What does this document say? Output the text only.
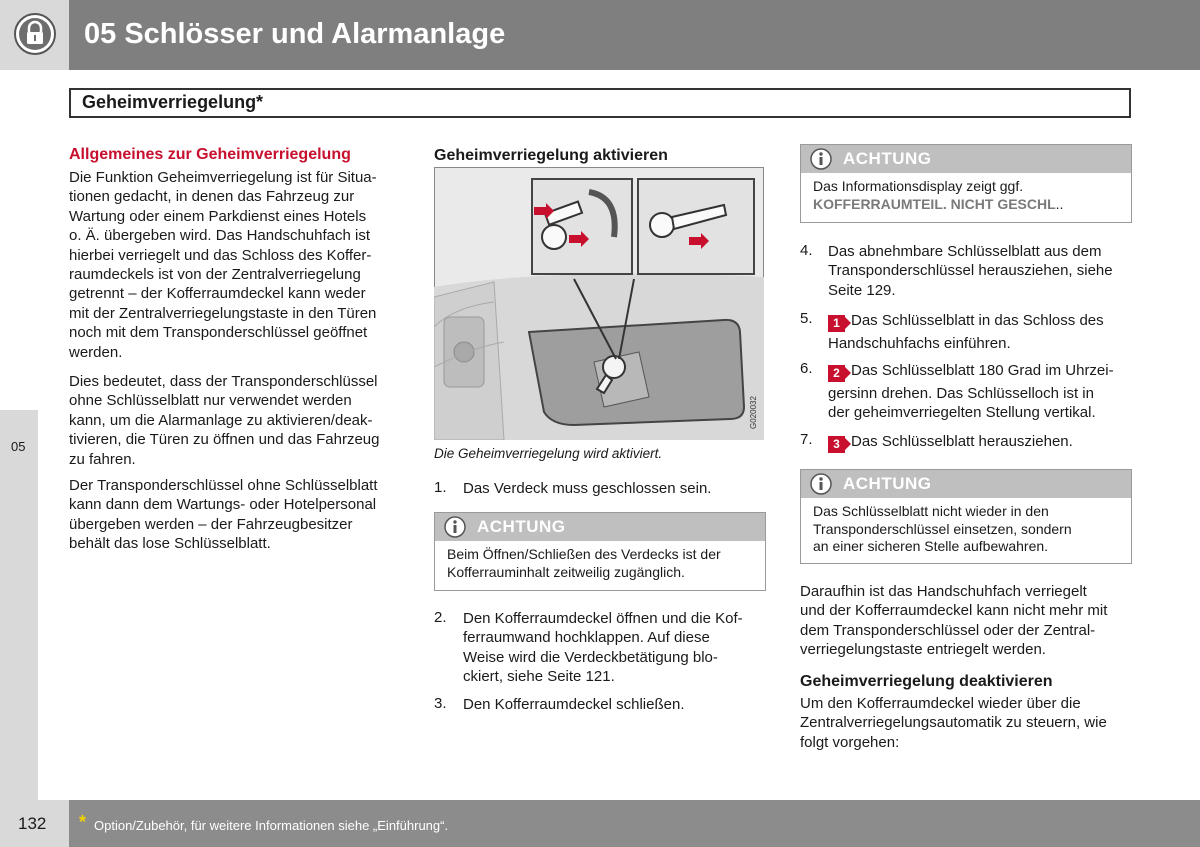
05 Schlösser und Alarmanlage
Geheimverriegelung*
05
Allgemeines zur Geheimverriegelung

Die Funktion Geheimverriegelung ist für Situa-

tionen gedacht, in denen das Fahrzeug zur

Wartung oder einem Parkdienst eines Hotels

o. Ä. übergeben wird. Das Handschuhfach ist

hierbei verriegelt und das Schloss des Koffer-

raumdeckels ist von der Zentralverriegelung

getrennt – der Kofferraumdeckel kann weder

mit der Zentralverriegelungstaste in den Türen

noch mit dem Transponderschlüssel geöffnet

werden.

Dies bedeutet, dass der Transponderschlüssel

ohne Schlüsselblatt nur verwendet werden

kann, um die Alarmanlage zu aktivieren/deak-

tivieren, die Türen zu öffnen und das Fahrzeug

zu fahren.

Der Transponderschlüssel ohne Schlüsselblatt

kann dann dem Wartungs- oder Hotelpersonal

übergeben werden – der Fahrzeugbesitzer

behält das lose Schlüsselblatt.

Geheimverriegelung aktivieren
G020032
Die Geheimverriegelung wird aktiviert.
1. Das Verdeck muss geschlossen sein.
ACHTUNG
Beim Öffnen/Schließen des Verdecks ist der
Kofferrauminhalt zeitweilig zugänglich.
2. Den Kofferraumdeckel öffnen und die Kof-
ferraumwand hochklappen. Auf diese
Weise wird die Verdeckbetätigung blo-
ckiert, siehe Seite 121.
3. Den Kofferraumdeckel schließen.
ACHTUNG
Das Informationsdisplay zeigt ggf.
KOFFERRAUMTEIL. NICHT GESCHL..
4. Das abnehmbare Schlüsselblatt aus dem
Transponderschlüssel herausziehen, siehe
Seite 129.
5.	1 Das Schlüsselblatt in das Schloss des
Handschuhfachs einführen.
6.	2 Das Schlüsselblatt 180 Grad im Uhrzei-
gersinn drehen. Das Schlüsselloch ist in
der geheimverriegelten Stellung vertikal.
7.	3 Das Schlüsselblatt herausziehen.
ACHTUNG
Das Schlüsselblatt nicht wieder in den
Transponderschlüssel einsetzen, sondern
an einer sicheren Stelle aufbewahren.

Daraufhin ist das Handschuhfach verriegelt

und der Kofferraumdeckel kann nicht mehr mit

dem Transponderschlüssel oder der Zentral-

verriegelungstaste entriegelt werden.

Geheimverriegelung deaktivieren

Um den Kofferraumdeckel wieder über die

Zentralverriegelungsautomatik zu steuern, wie

folgt vorgehen:

132 * Option/Zubehör, für weitere Informationen siehe „Einführung“.
